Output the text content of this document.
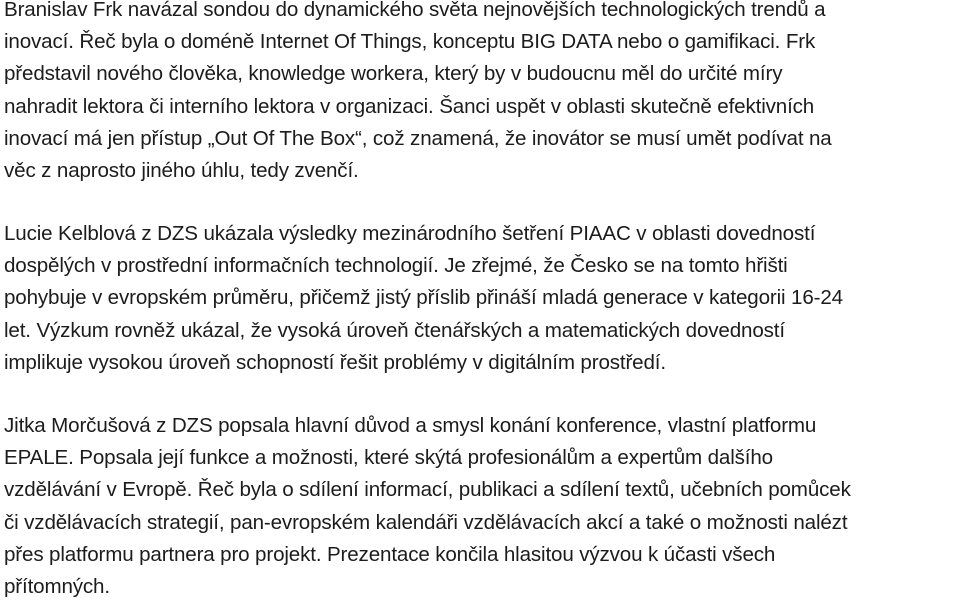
Branislav Frk navázal sondou do dynamického světa nejnovějších technologických trendů a
inovací. Řeč byla o doméně Internet Of Things, konceptu BIG DATA nebo o gamifikaci. Frk
představil nového člověka, knowledge workera, který by v budoucnu měl do určité míry
nahradit lektora či interního lektora v organizaci. Šanci uspět v oblasti skutečně efektivních
inovací má jen přístup „Out Of The Box“, což znamená, že inovátor se musí umět podívat na
věc z naprosto jiného úhlu, tedy zvenčí.

Lucie Kelblová z DZS ukázala výsledky mezinárodního šetření PIAAC v oblasti dovedností
dospělých v prostřední informačních technologií. Je zřejmé, že Česko se na tomto hřišti
pohybuje v evropském průměru, přičemž jistý příslib přináší mladá generace v kategorii 16-24
let. Výzkum rovněž ukázal, že vysoká úroveň čtenářských a matematických dovedností
implikuje vysokou úroveň schopností řešit problémy v digitálním prostředí.

Jitka Morčušová z DZS popsala hlavní důvod a smysl konání konference, vlastní platformu
EPALE. Popsala její funkce a možnosti, které skýtá profesionálům a expertům dalšího
vzdělávání v Evropě. Řeč byla o sdílení informací, publikaci a sdílení textů, učebních pomůcek
či vzdělávacích strategií, pan-evropském kalendáři vzdělávacích akcí a také o možnosti nalézt
přes platformu partnera pro projekt. Prezentace končila hlasitou výzvou k účasti všech
přítomných.
